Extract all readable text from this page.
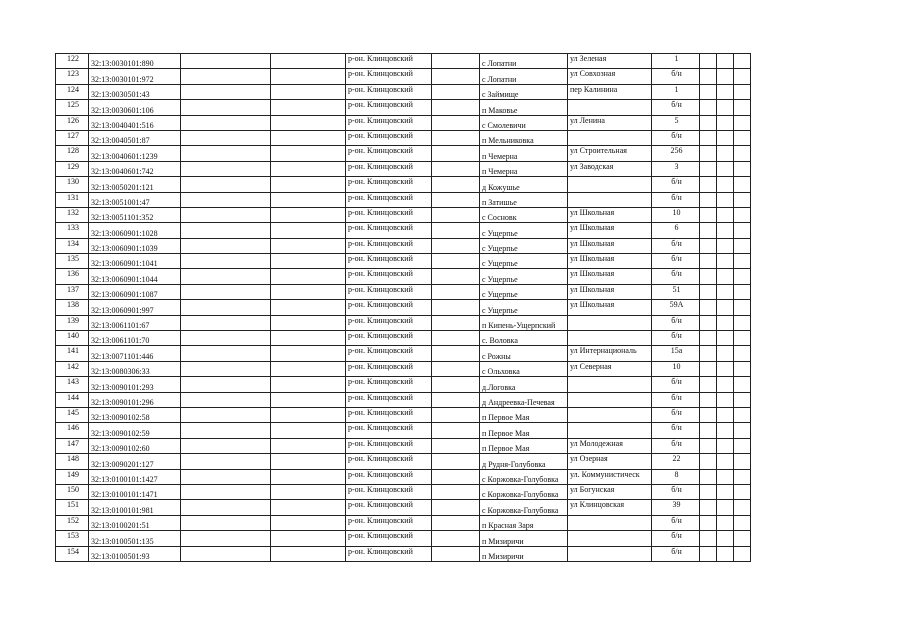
122	32:13:0030101:890			р-он. Клинцовский		с Лопатни	ул Зеленая	1			
123	32:13:0030101:972			р-он. Клинцовский		с Лопатни	ул Совхозная	б/н			
124	32:13:0030501:43			р-он. Клинцовский		с Займище	пер Калинина	1			
125	32:13:0030601:106			р-он. Клинцовский		п Маковье		б/н			
126	32:13:0040401:516			р-он. Клинцовский		с Смолевичи	ул Ленина	5			
127	32:13:0040501:87			р-он. Клинцовский		п Мельниковка		б/н			
128	32:13:0040601:1239			р-он. Клинцовский		п Чемерна	ул Строительная	256			
129	32:13:0040601:742			р-он. Клинцовский		п Чемерна	ул Заводская	3			
130	32:13:0050201:121			р-он. Клинцовский		д Кожушье		б/н			
131	32:13:0051001:47			р-он. Клинцовский		п Затишье		б/н			
132	32:13:0051101:352			р-он. Клинцовский		с Сосновк	ул Школьная	10			
133	32:13:0060901:1028			р-он. Клинцовский		с Ущерпье	ул Школьная	6			
134	32:13:0060901:1039			р-он. Клинцовский		с Ущерпье	ул Школьная	б/н			
135	32:13:0060901:1041			р-он. Клинцовский		с Ущерпье	ул Школьная	б/н			
136	32:13:0060901:1044			р-он. Клинцовский		с Ущерпье	ул Школьная	б/н			
137	32:13:0060901:1087			р-он. Клинцовский		с Ущерпье	ул Школьная	51			
138	32:13:0060901:997			р-он. Клинцовский		с Ущерпье	ул Школьная	59А			
139	32:13:0061101:67			р-он. Клинцовский		п Кипень-Ущерпский		б/н			
140	32:13:0061101:70			р-он. Клинцовский		с. Воловка		б/н			
141	32:13:0071101:446			р-он. Клинцовский		с Рожны	ул Интернациональ	15а			
142	32:13:0080306:33			р-он. Клинцовский		с Ольховка	ул Северная	10			
143	32:13:0090101:293			р-он. Клинцовский		д.Логовка		б/н			
144	32:13:0090101:296			р-он. Клинцовский		д Андреевка-Печевая		б/н			
145	32:13:0090102:58			р-он. Клинцовский		п Первое Мая		б/н			
146	32:13:0090102:59			р-он. Клинцовский		п Первое Мая		б/н			
147	32:13:0090102:60			р-он. Клинцовский		п Первое Мая	ул Молодежная	б/н			
148	32:13:0090201:127			р-он. Клинцовский		д Рудня-Голубовка	ул Озерная	22			
149	32:13:0100101:1427			р-он. Клинцовский		с Коржовка-Голубовка	ул. Коммунистическ	8			
150	32:13:0100101:1471			р-он. Клинцовский		с Коржовка-Голубовка	ул Богунская	б/н			
151	32:13:0100101:981			р-он. Клинцовский		с Коржовка-Голубовка	ул Клинцовская	39			
152	32:13:0100201:51			р-он. Клинцовский		п Красная Заря		б/н			
153	32:13:0100501:135			р-он. Клинцовский		п Мизиричи		б/н			
154	32:13:0100501:93			р-он. Клинцовский		п Мизиричи		б/н			
